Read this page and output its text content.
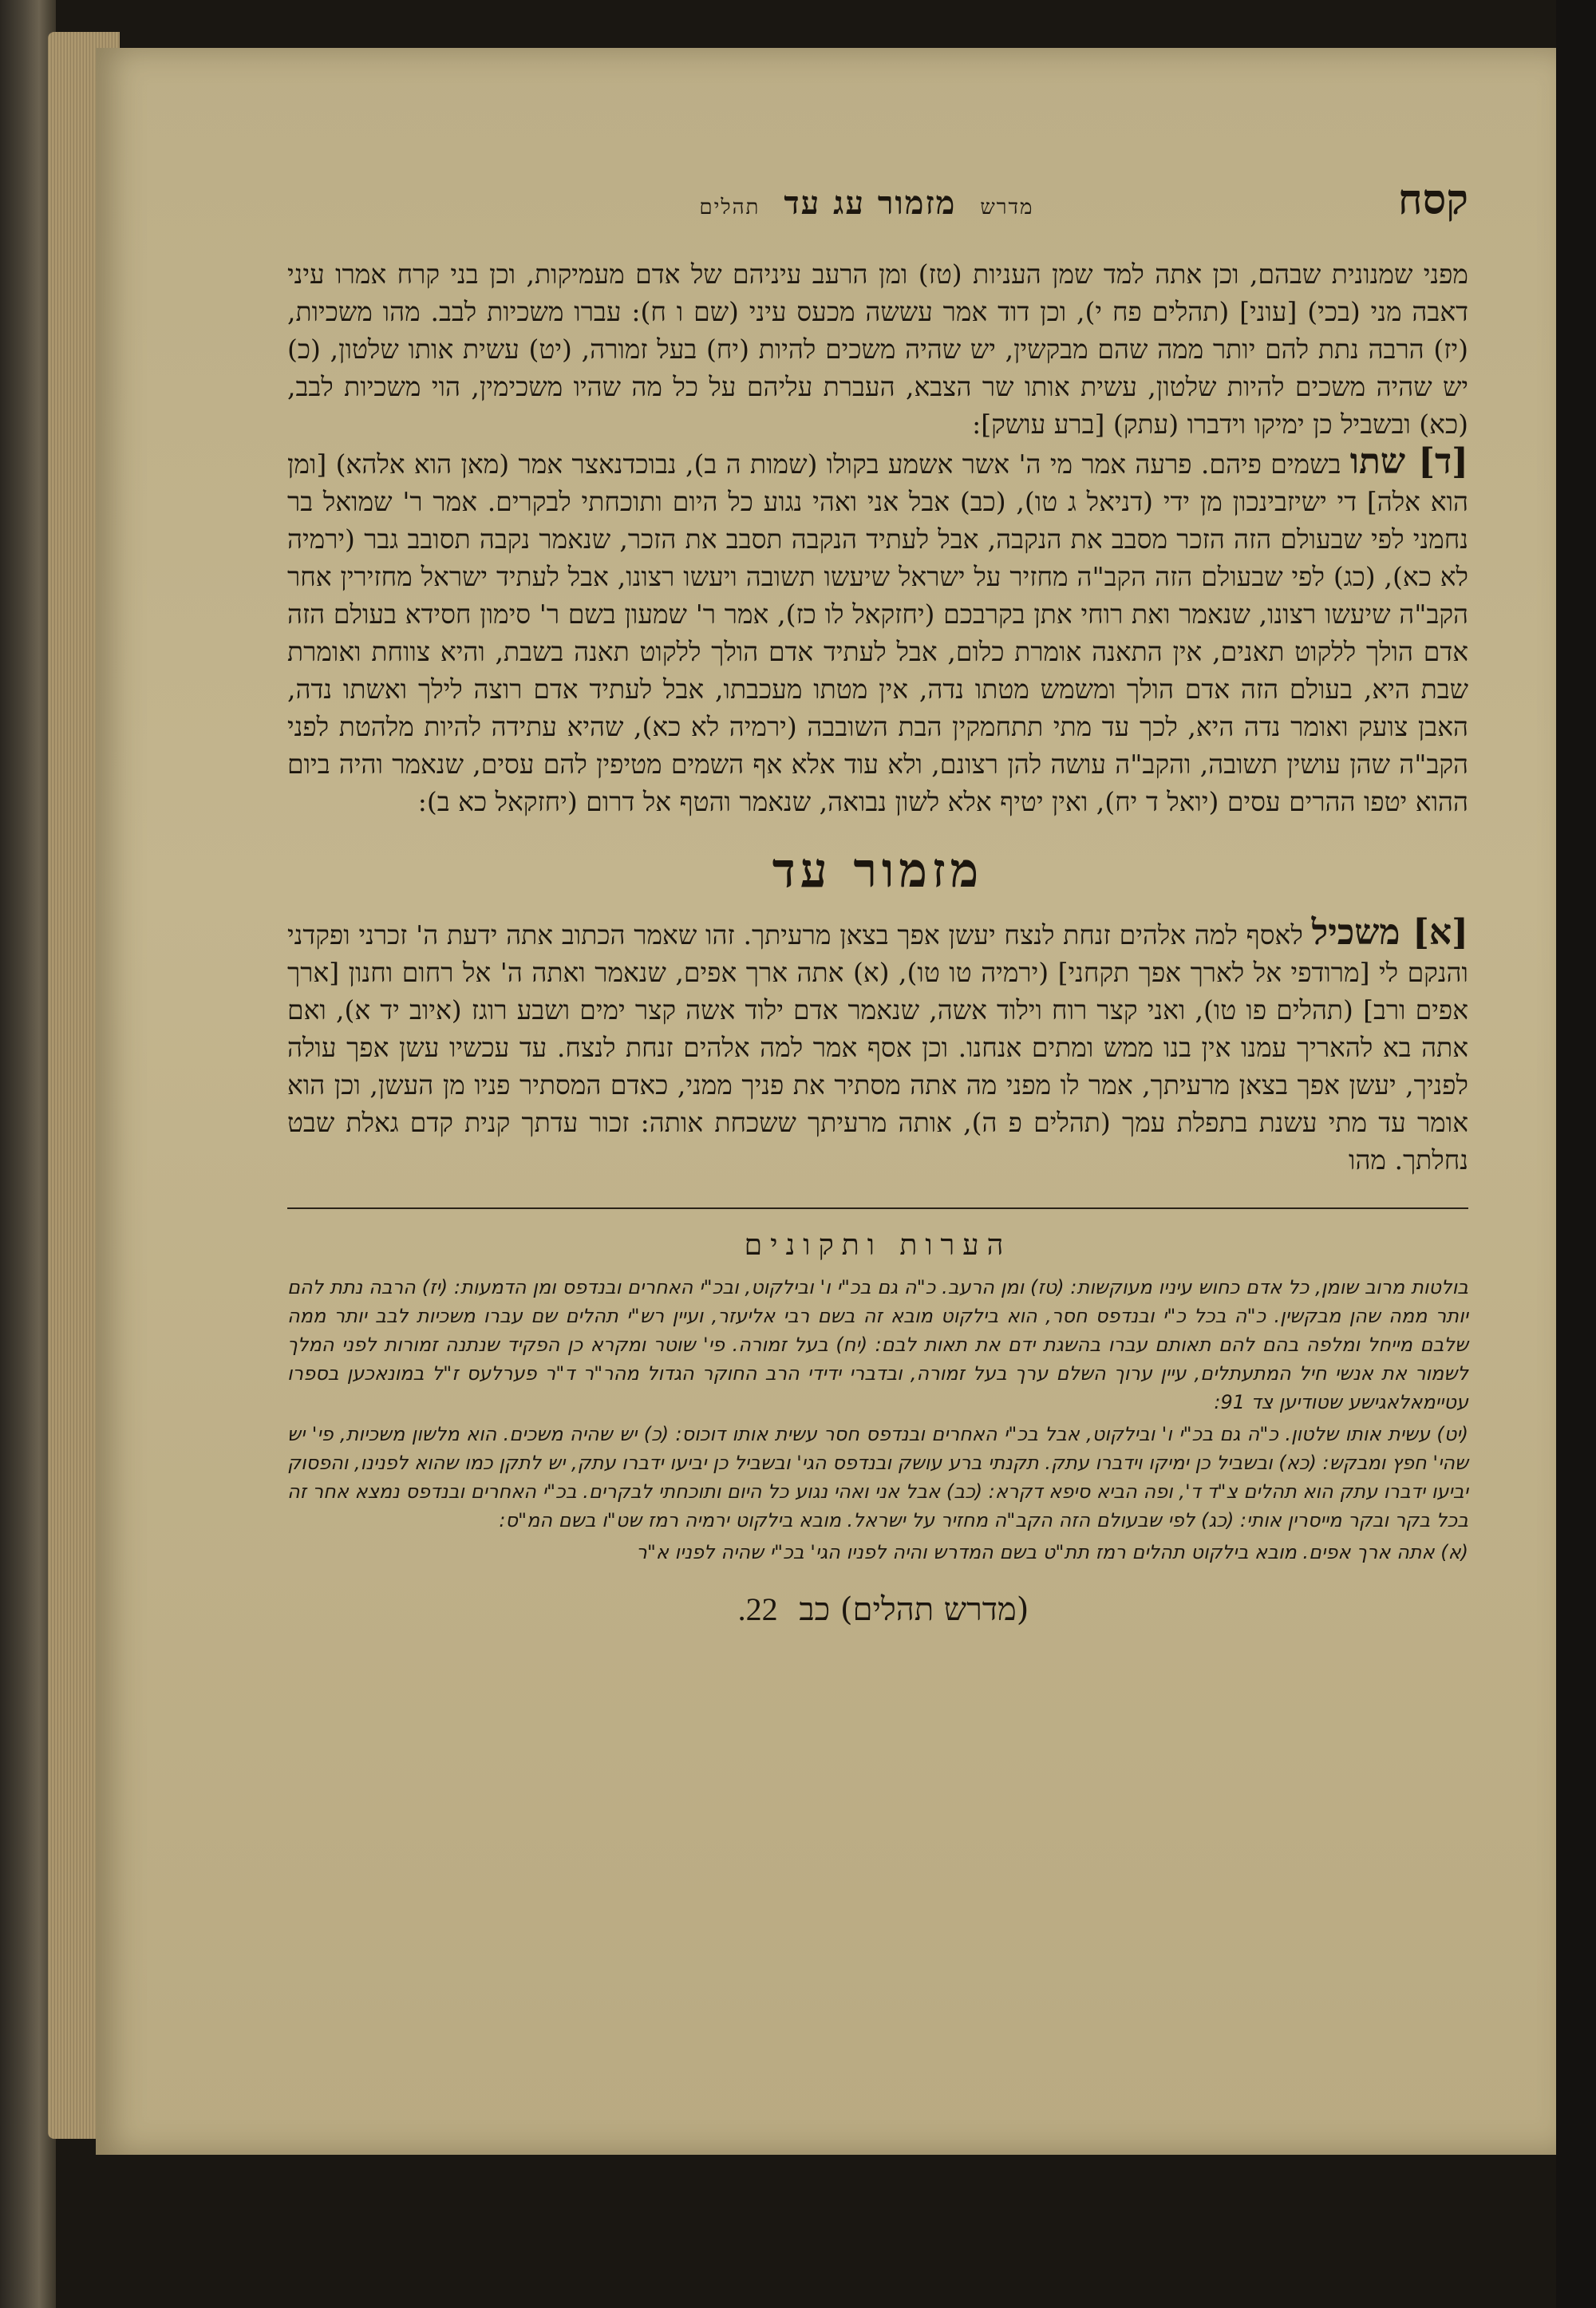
קסח
מדרש מזמור עג עד תהלים

מפני שמנונית שבהם, וכן אתה למד שמן העניות (טז) ומן הרעב עיניהם של אדם מעמיקות, וכן בני קרח אמרו עיני דאבה מני (בכי) [עוני] (תהלים פח י), וכן דוד אמר עששה מכעס עיני (שם ו ח): עברו משכיות לבב. מהו משכיות, (יז) הרבה נתת להם יותר ממה שהם מבקשין, יש שהיה משכים להיות (יח) בעל זמורה, (יט) עשית אותו שלטון, (כ) יש שהיה משכים להיות שלטון, עשית אותו שר הצבא, העברת עליהם על כל מה שהיו משכימין, הוי משכיות לבב, (כא) ובשביל כן ימיקו וידברו (עתק) [ברע עושק]:

[ד] שתו בשמים פיהם. פרעה אמר מי ה' אשר אשמע בקולו (שמות ה ב), נבוכדנאצר אמר (מאן הוא אלהא) [ומן הוא אלה] די ישיזבינכון מן ידי (דניאל ג טו), (כב) אבל אני ואהי נגוע כל היום ותוכחתי לבקרים. אמר ר' שמואל בר נחמני לפי שבעולם הזה הזכר מסבב את הנקבה, אבל לעתיד הנקבה תסבב את הזכר, שנאמר נקבה תסובב גבר (ירמיה לא כא), (כג) לפי שבעולם הזה הקב"ה מחזיר על ישראל שיעשו תשובה ויעשו רצונו, אבל לעתיד ישראל מחזירין אחר הקב"ה שיעשו רצונו, שנאמר ואת רוחי אתן בקרבכם (יחזקאל לו כז), אמר ר' שמעון בשם ר' סימון חסידא בעולם הזה אדם הולך ללקוט תאנים, אין התאנה אומרת כלום, אבל לעתיד אדם הולך ללקוט תאנה בשבת, והיא צווחת ואומרת שבת היא, בעולם הזה אדם הולך ומשמש מטתו נדה, אין מטתו מעכבתו, אבל לעתיד אדם רוצה לילך ואשתו נדה, האבן צועק ואומר נדה היא, לכך עד מתי תתחמקין הבת השובבה (ירמיה לא כא), שהיא עתידה להיות מלהטת לפני הקב"ה שהן עושין תשובה, והקב"ה עושה להן רצונם, ולא עוד אלא אף השמים מטיפין להם עסים, שנאמר והיה ביום ההוא יטפו ההרים עסים (יואל ד יח), ואין יטיף אלא לשון נבואה, שנאמר והטף אל דרום (יחזקאל כא ב):

מזמור עד

[א] משכיל לאסף למה אלהים זנחת לנצח יעשן אפך בצאן מרעיתך. זהו שאמר הכתוב אתה ידעת ה' זכרני ופקדני והנקם לי [מרודפי אל לארך אפך תקחני] (ירמיה טו טו), (א) אתה ארך אפים, שנאמר ואתה ה' אל רחום וחנון [ארך אפים ורב] (תהלים פו טו), ואני קצר רוח וילוד אשה, שנאמר אדם ילוד אשה קצר ימים ושבע רוגז (איוב יד א), ואם אתה בא להאריך עמנו אין בנו ממש ומתים אנחנו. וכן אסף אמר למה אלהים זנחת לנצח. עד עכשיו עשן אפך עולה לפניך, יעשן אפך בצאן מרעיתך, אמר לו מפני מה אתה מסתיר את פניך ממני, כאדם המסתיר פניו מן העשן, וכן הוא אומר עד מתי עשנת בתפלת עמך (תהלים פ ה), אותה מרעיתך ששכחת אותה: זכור עדתך קנית קדם גאלת שבט נחלתך. מהו

הערות ותקונים

בולטות מרוב שומן, כל אדם כחוש עיניו מעוקשות: (טז) ומן הרעב. כ"ה גם בכ"י ו' ובילקוט, ובכ"י האחרים ובנדפס ומן הדמעות: (יז) הרבה נתת להם יותר ממה שהן מבקשין. כ"ה בכל כ"י ובנדפס חסר, הוא בילקוט מובא זה בשם רבי אליעזר, ועיין רש"י תהלים שם עברו משכיות לבב יותר ממה שלבם מייחל ומלפה בהם להם תאותם עברו בהשגת ידם את תאות לבם: (יח) בעל זמורה. פי' שוטר ומקרא כן הפקיד שנתנה זמורות לפני המלך לשמור את אנשי חיל המתעתלים, עיין ערוך השלם ערך בעל זמורה, ובדברי ידידי הרב החוקר הגדול מהר"ר ד"ר פערלעס ז"ל במונאכען בספרו עטיימאלאגישע שטודיען צד 91:

(יט) עשית אותו שלטון. כ"ה גם בכ"י ו' ובילקוט, אבל בכ"י האחרים ובנדפס חסר עשית אותו דוכוס: (כ) יש שהיה משכים. הוא מלשון משכיות, פי' יש שהי' חפץ ומבקש: (כא) ובשביל כן ימיקו וידברו עתק. תקנתי ברע עושק ובנדפס הגי' ובשביל כן יביעו ידברו עתק, יש לתקן כמו שהוא לפנינו, והפסוק יביעו ידברו עתק הוא תהלים צ"ד ד', ופה הביא סיפא דקרא: (כב) אבל אני ואהי נגוע כל היום ותוכחתי לבקרים. בכ"י האחרים ובנדפס נמצא אחר זה בכל בקר ובקר מייסרין אותי: (כג) לפי שבעולם הזה הקב"ה מחזיר על ישראל. מובא בילקוט ירמיה רמז שט"ו בשם המ"ס:

(א) אתה ארך אפים. מובא בילקוט תהלים רמז תת"ט בשם המדרש והיה לפניו הגי' בכ"י שהיה לפניו א"ר

(מדרש תהלים) כב 22.
